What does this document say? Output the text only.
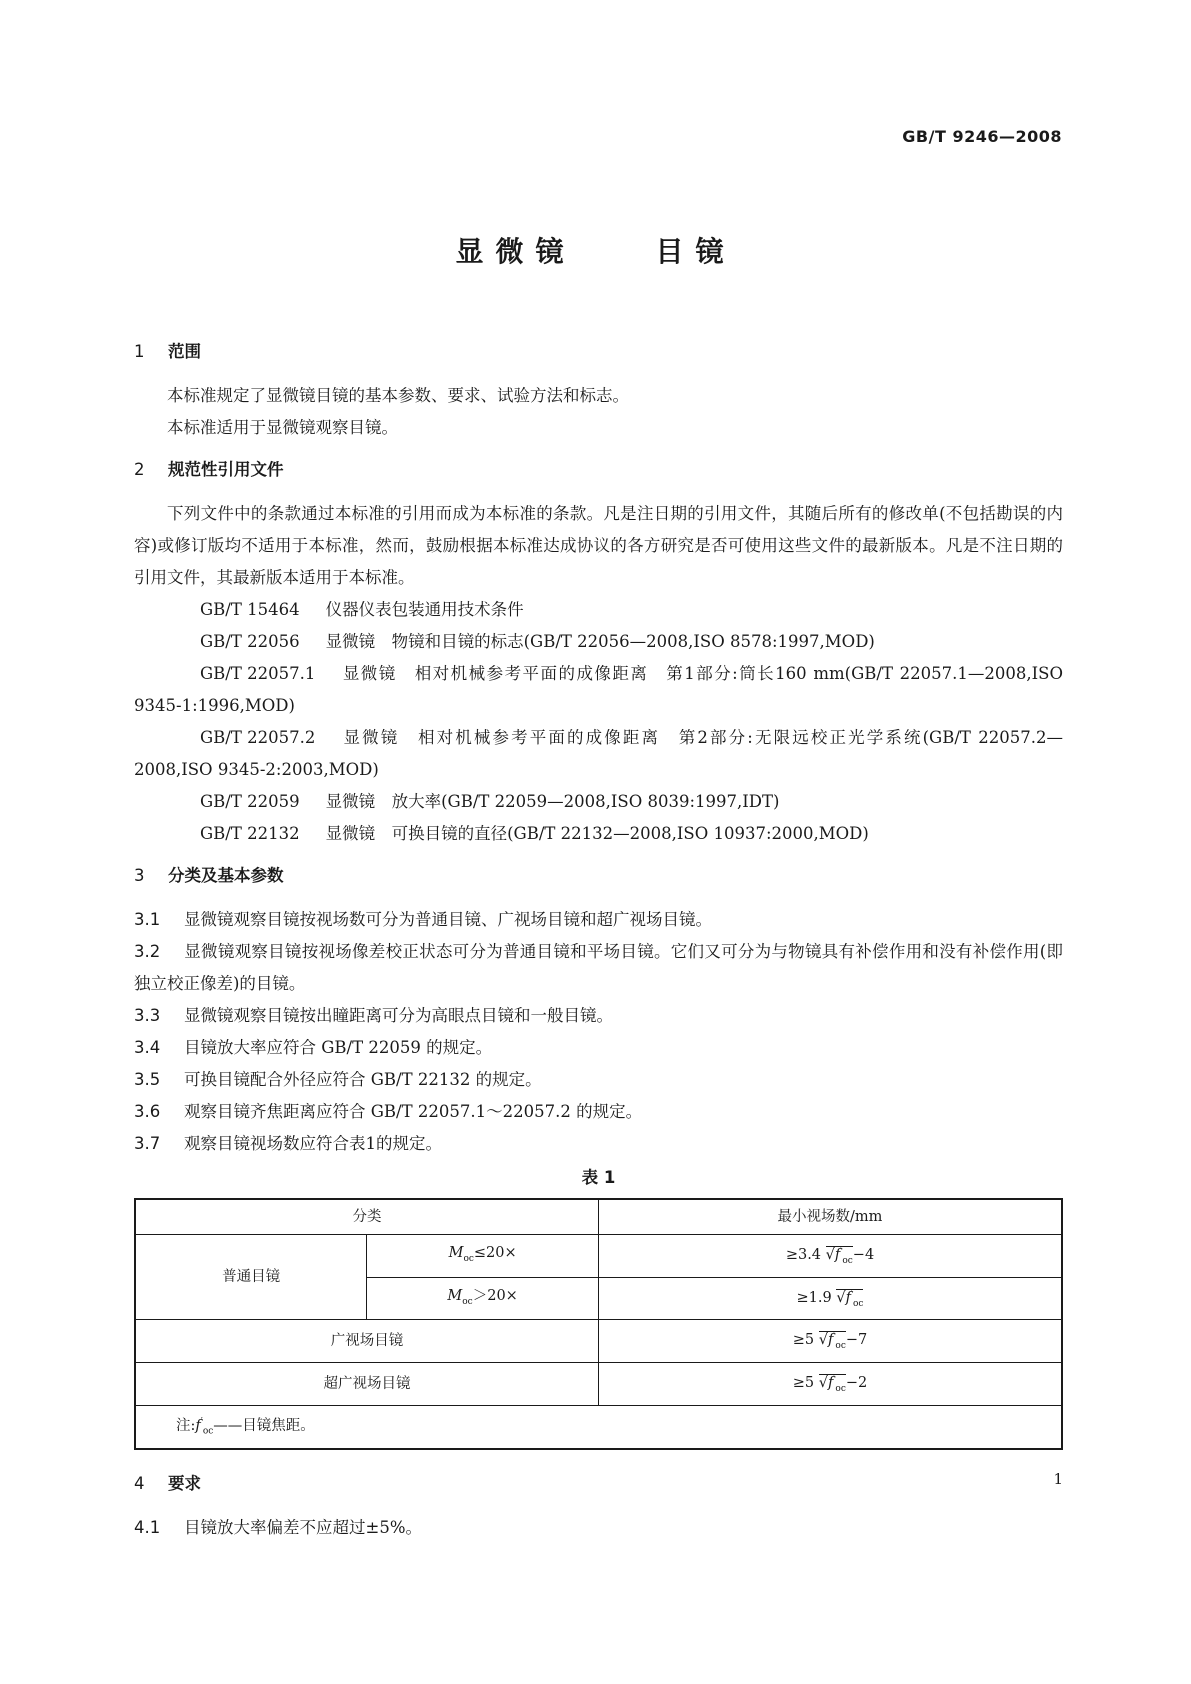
GB/T 9246—2008
显微镜　　目镜
1 范围

本标准规定了显微镜目镜的基本参数、要求、试验方法和标志。

本标准适用于显微镜观察目镜。

2 规范性引用文件

下列文件中的条款通过本标准的引用而成为本标准的条款。凡是注日期的引用文件，其随后所有的修改单(不包括勘误的内容)或修订版均不适用于本标准，然而，鼓励根据本标准达成协议的各方研究是否可使用这些文件的最新版本。凡是不注日期的引用文件，其最新版本适用于本标准。

GB/T 15464 仪器仪表包装通用技术条件

GB/T 22056 显微镜　物镜和目镜的标志(GB/T 22056—2008,ISO 8578:1997,MOD)

GB/T 22057.1 显微镜　相对机械参考平面的成像距离　第1部分:筒长160 mm(GB/T 22057.1—2008,ISO 9345-1:1996,MOD)

GB/T 22057.2 显微镜　相对机械参考平面的成像距离　第2部分:无限远校正光学系统(GB/T 22057.2—2008,ISO 9345-2:2003,MOD)

GB/T 22059 显微镜　放大率(GB/T 22059—2008,ISO 8039:1997,IDT)

GB/T 22132 显微镜　可换目镜的直径(GB/T 22132—2008,ISO 10937:2000,MOD)

3 分类及基本参数

3.1 显微镜观察目镜按视场数可分为普通目镜、广视场目镜和超广视场目镜。

3.2 显微镜观察目镜按视场像差校正状态可分为普通目镜和平场目镜。它们又可分为与物镜具有补偿作用和没有补偿作用(即独立校正像差)的目镜。

3.3 显微镜观察目镜按出瞳距离可分为高眼点目镜和一般目镜。

3.4 目镜放大率应符合 GB/T 22059 的规定。

3.5 可换目镜配合外径应符合 GB/T 22132 的规定。

3.6 观察目镜齐焦距离应符合 GB/T 22057.1～22057.2 的规定。

3.7 观察目镜视场数应符合表1的规定。

表 1
分类		最小视场数/mm
普通目镜	$M_{oc}\le 20\times$	≥3.4 $√f'_{oc}-4$
	$M_{oc}>20\times$	≥1.9 $√f'_{oc}$
广视场目镜		≥5 $√f'_{oc}-7$
超广视场目镜		≥5 $√f'_{oc}-2$
注$:f'_{oc}——$目镜焦距。		
4 要求

4.1 目镜放大率偏差不应超过±5%。

1
